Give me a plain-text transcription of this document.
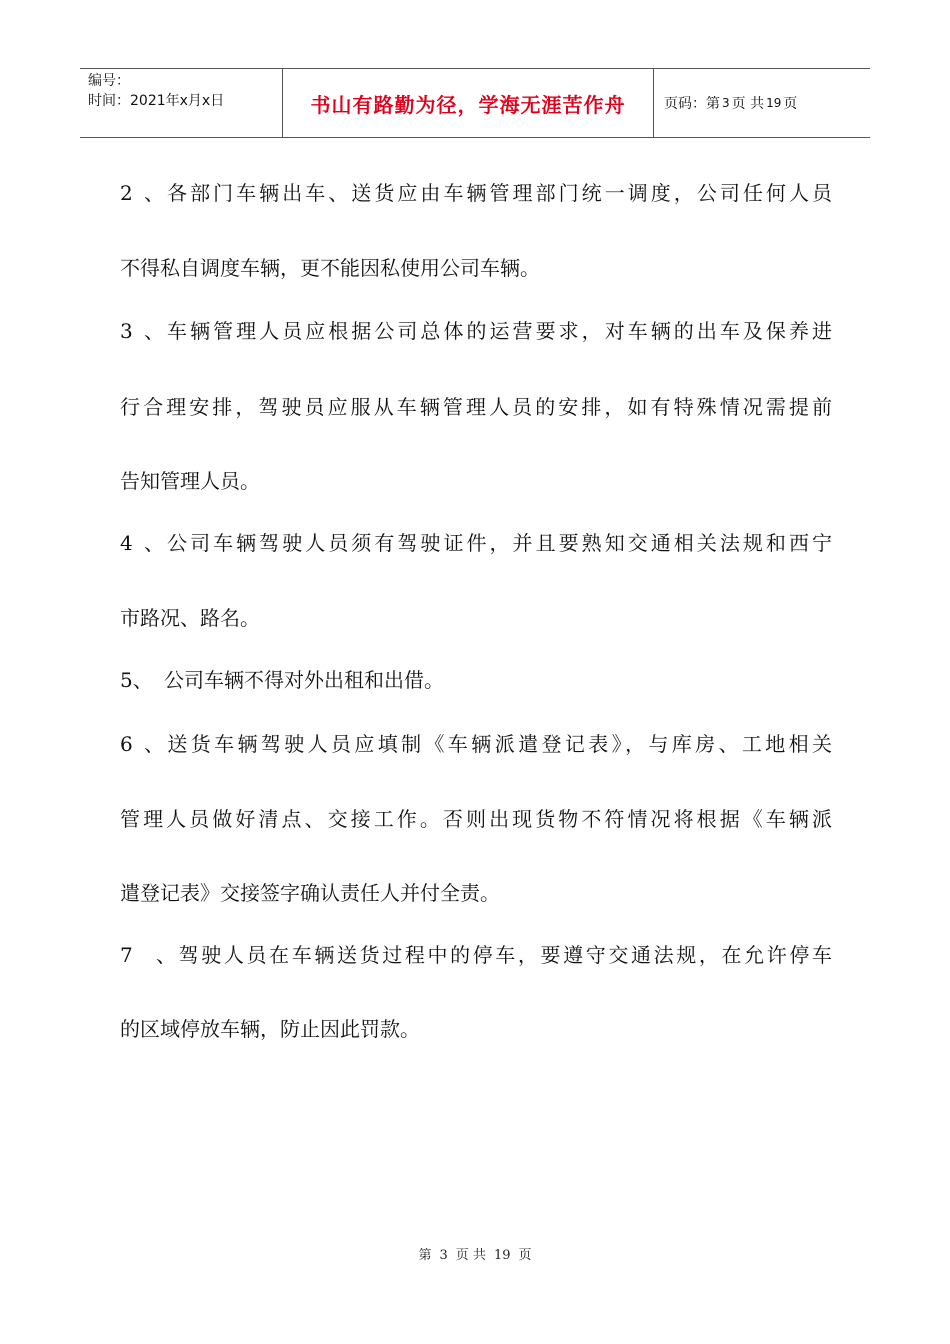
编号：
时间：2021年x月x日	书山有路勤为径，学海无涯苦作舟	页码：第 3 页 共 19 页
2、各部门车辆出车、送货应由车辆管理部门统一调度，公司任何人员
不得私自调度车辆，更不能因私使用公司车辆。
3、车辆管理人员应根据公司总体的运营要求，对车辆的出车及保养进
行合理安排，驾驶员应服从车辆管理人员的安排，如有特殊情况需提前
告知管理人员。
4、公司车辆驾驶人员须有驾驶证件，并且要熟知交通相关法规和西宁
市路况、路名。
5、 公司车辆不得对外出租和出借。
6、送货车辆驾驶人员应填制《车辆派遣登记表》，与库房、工地相关
管理人员做好清点、交接工作。否则出现货物不符情况将根据《车辆派
遣登记表》交接签字确认责任人并付全责。
7、驾驶人员在车辆送货过程中的停车，要遵守交通法规，在允许停车
的区域停放车辆，防止因此罚款。
第 3 页 共 19 页
